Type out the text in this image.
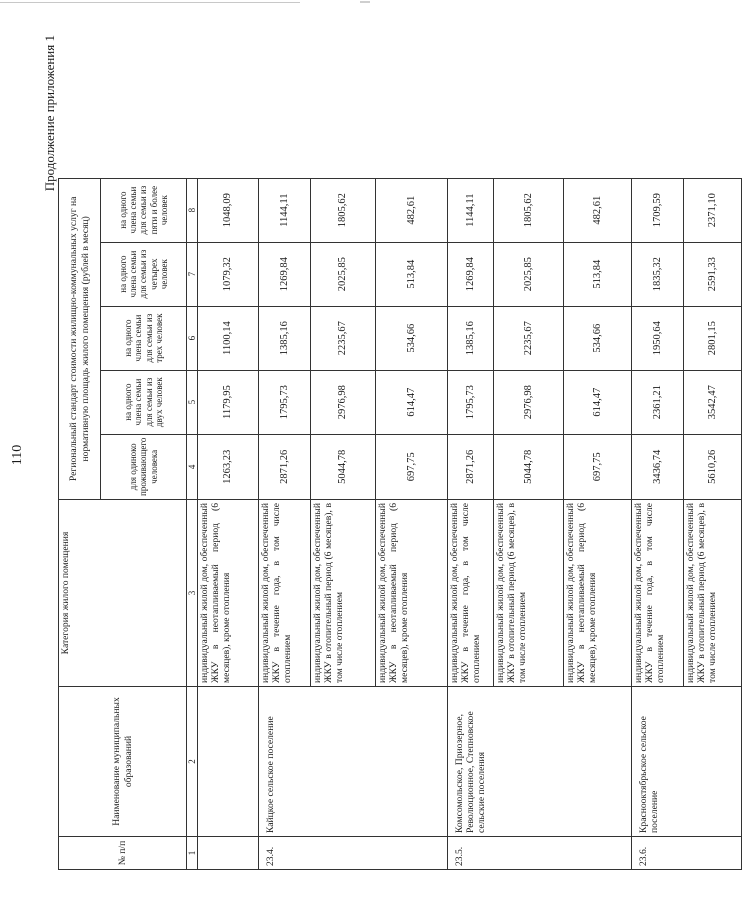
110
Продолжение приложения 1
№ п/п	Наименование муниципальных образований	Категория жилого помещения	Региональный стандарт стоимости жилищно-коммунальных услуг на нормативную площадь жилого помещения (рублей в месяц)				
			для одиноко проживающего человека	на одного члена семьи для семьи из двух человек	на одного члена семьи для семьи из трех человек	на одного члена семьи для семьи из четырех человек	на одного члена семьи для семьи из пяти и более человек
1	2	3	4	5	6	7	8
		индивидуальный жилой дом, обеспеченный ЖКУ в неотапливаемый период (6 месяцев), кроме отопления	1263,23	1179,95	1100,14	1079,32	1048,09
23.4.	Кайцкое сельское поселение	индивидуальный жилой дом, обеспеченный ЖКУ в течение года, в том числе отоплением	2871,26	1795,73	1385,16	1269,84	1144,11
		индивидуальный жилой дом, обеспеченный ЖКУ в отопительный период (6 месяцев), в том числе отоплением	5044,78	2976,98	2235,67	2025,85	1805,62
		индивидуальный жилой дом, обеспеченный ЖКУ в неотапливаемый период (6 месяцев), кроме отопления	697,75	614,47	534,66	513,84	482,61
23.5.	Комсомольское, Приозерное, Революционное, Степновское сельские поселения	индивидуальный жилой дом, обеспеченный ЖКУ в течение года, в том числе отоплением	2871,26	1795,73	1385,16	1269,84	1144,11
		индивидуальный жилой дом, обеспеченный ЖКУ в отопительный период (6 месяцев), в том числе отоплением	5044,78	2976,98	2235,67	2025,85	1805,62
		индивидуальный жилой дом, обеспеченный ЖКУ в неотапливаемый период (6 месяцев), кроме отопления	697,75	614,47	534,66	513,84	482,61
23.6.	Краснооктябрьское сельское поселение	индивидуальный жилой дом, обеспеченный ЖКУ в течение года, в том числе отоплением	3436,74	2361,21	1950,64	1835,32	1709,59
		индивидуальный жилой дом, обеспеченный ЖКУ в отопительный период (6 месяцев), в том числе отоплением	5610,26	3542,47	2801,15	2591,33	2371,10
